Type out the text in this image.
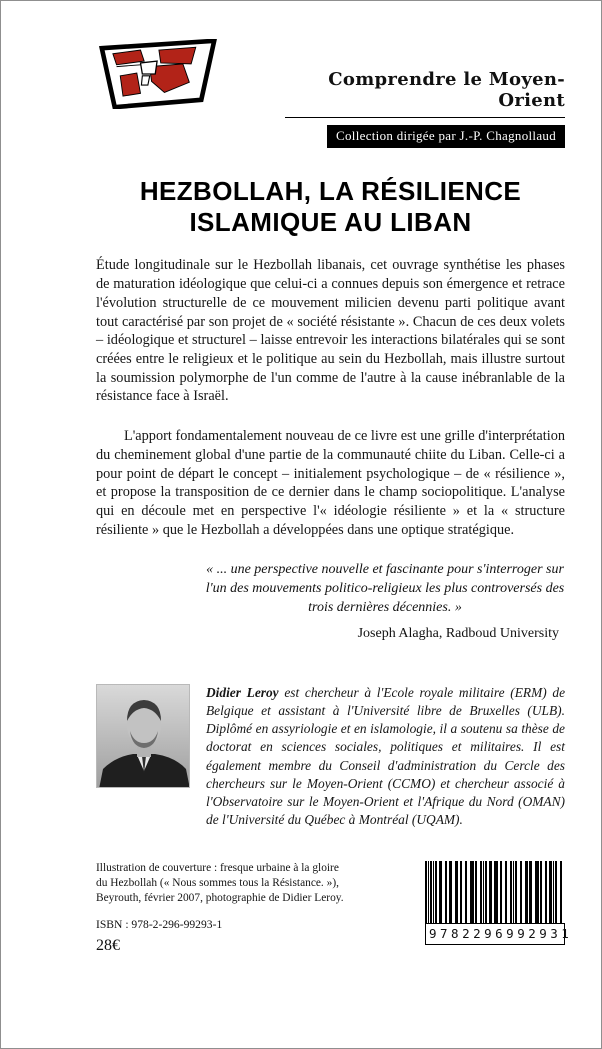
Comprendre le Moyen-Orient
Collection dirigée par J.-P. Chagnollaud
HEZBOLLAH, LA RÉSILIENCE
ISLAMIQUE AU LIBAN

Étude longitudinale sur le Hezbollah libanais, cet ouvrage synthétise les phases de maturation idéologique que celui-ci a connues depuis son émergence et retrace l'évolution structurelle de ce mouvement milicien devenu parti politique avant tout caractérisé par son projet de « société résistante ». Chacun de ces deux volets – idéologique et structurel – laisse entrevoir les interactions bilatérales qui se sont créées entre le religieux et le politique au sein du Hezbollah, mais illustre surtout la soumission polymorphe de l'un comme de l'autre à la cause inébranlable de la résistance face à Israël.

L'apport fondamentalement nouveau de ce livre est une grille d'interprétation du cheminement global d'une partie de la communauté chiite du Liban. Celle-ci a pour point de départ le concept – initialement psychologique – de « résilience », et propose la transposition de ce dernier dans le champ sociopolitique. L'analyse qui en découle met en perspective l'« idéologie résiliente » et la « structure résiliente » que le Hezbollah a développées dans une optique stratégique.

« ... une perspective nouvelle et fascinante pour s'interroger sur l'un des mouvements politico-religieux les plus controversés des trois dernières décennies. »
Joseph Alagha, Radboud University

Didier Leroy est chercheur à l'Ecole royale militaire (ERM) de Belgique et assistant à l'Université libre de Bruxelles (ULB). Diplômé en assyriologie et en islamologie, il a soutenu sa thèse de doctorat en sciences sociales, politiques et militaires. Il est également membre du Conseil d'administration du Cercle des chercheurs sur le Moyen-Orient (CCMO) et chercheur associé à l'Observatoire sur le Moyen-Orient et l'Afrique du Nord (OMAN) de l'Université du Québec à Montréal (UQAM).

Illustration de couverture : fresque urbaine à la gloire du Hezbollah (« Nous sommes tous la Résistance. »), Beyrouth, février 2007, photographie de Didier Leroy.
ISBN : 978-2-296-99293-1
28€
9782296992931
